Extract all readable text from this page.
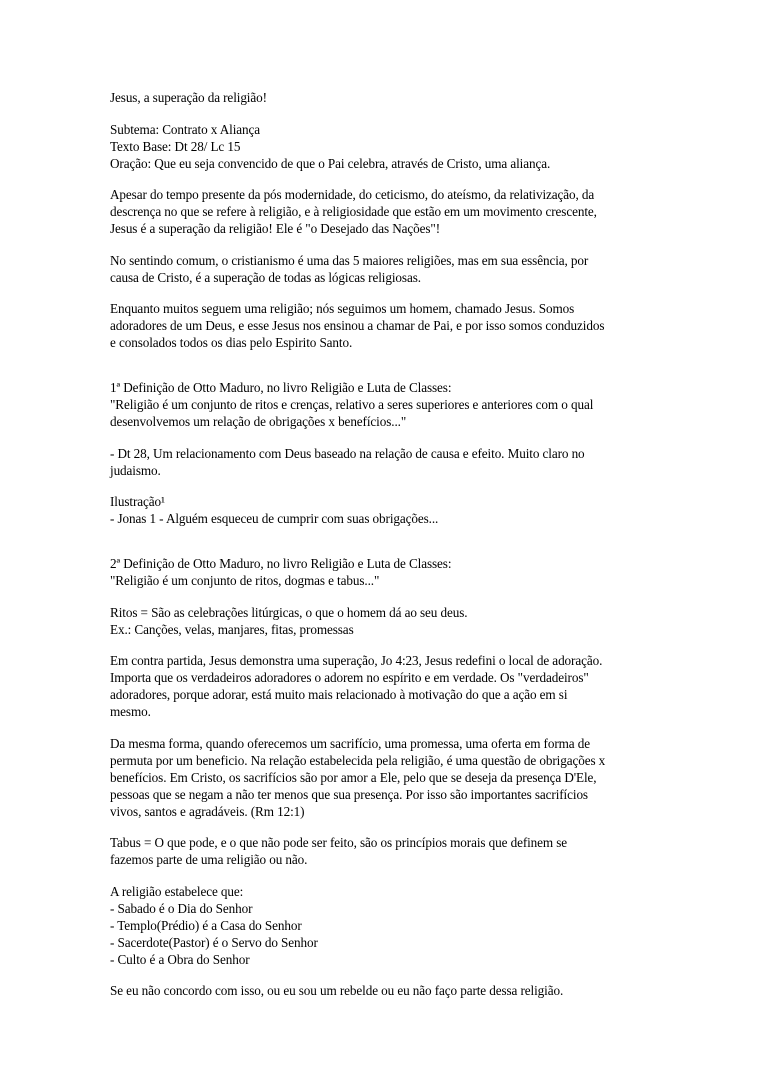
Jesus, a superação da religião!

Subtema: Contrato x Aliança
Texto Base: Dt 28/ Lc 15
Oração: Que eu seja convencido de que o Pai celebra, através de Cristo, uma aliança.

Apesar do tempo presente da pós modernidade, do ceticismo, do ateísmo, da relativização, da
descrença no que se refere à religião, e à religiosidade que estão em um movimento crescente,
Jesus é a superação da religião! Ele é "o Desejado das Nações"!

No sentindo comum, o cristianismo é uma das 5 maiores religiões, mas em sua essência, por
causa de Cristo, é a superação de todas as lógicas religiosas.

Enquanto muitos seguem uma religião; nós seguimos um homem, chamado Jesus. Somos
adoradores de um Deus, e esse Jesus nos ensinou a chamar de Pai, e por isso somos conduzidos
e consolados todos os dias pelo Espirito Santo.

1ª Definição de Otto Maduro, no livro Religião e Luta de Classes:
"Religião é um conjunto de ritos e crenças, relativo a seres superiores e anteriores com o qual
desenvolvemos um relação de obrigações x benefícios..."

- Dt 28, Um relacionamento com Deus baseado na relação de causa e efeito. Muito claro no
judaismo.

Ilustração¹
- Jonas 1 - Alguém esqueceu de cumprir com suas obrigações...

2ª Definição de Otto Maduro, no livro Religião e Luta de Classes:
"Religião é um conjunto de ritos, dogmas e tabus..."

Ritos = São as celebrações litúrgicas, o que o homem dá ao seu deus.
Ex.: Canções, velas, manjares, fitas, promessas

Em contra partida, Jesus demonstra uma superação, Jo 4:23, Jesus redefini o local de adoração.
Importa que os verdadeiros adoradores o adorem no espírito e em verdade. Os "verdadeiros"
adoradores, porque adorar, está muito mais relacionado à motivação do que a ação em si
mesmo.

Da mesma forma, quando oferecemos um sacrifício, uma promessa, uma oferta em forma de
permuta por um beneficio. Na relação estabelecida pela religião, é uma questão de obrigações x
benefícios. Em Cristo, os sacrifícios são por amor a Ele, pelo que se deseja da presença D'Ele,
pessoas que se negam a não ter menos que sua presença. Por isso são importantes sacrifícios
vivos, santos e agradáveis. (Rm 12:1)

Tabus = O que pode, e o que não pode ser feito, são os princípios morais que definem se
fazemos parte de uma religião ou não.

A religião estabelece que:
- Sabado é o Dia do Senhor
- Templo(Prédio) é a Casa do Senhor
- Sacerdote(Pastor) é o Servo do Senhor
- Culto é a Obra do Senhor

Se eu não concordo com isso, ou eu sou um rebelde ou eu não faço parte dessa religião.
